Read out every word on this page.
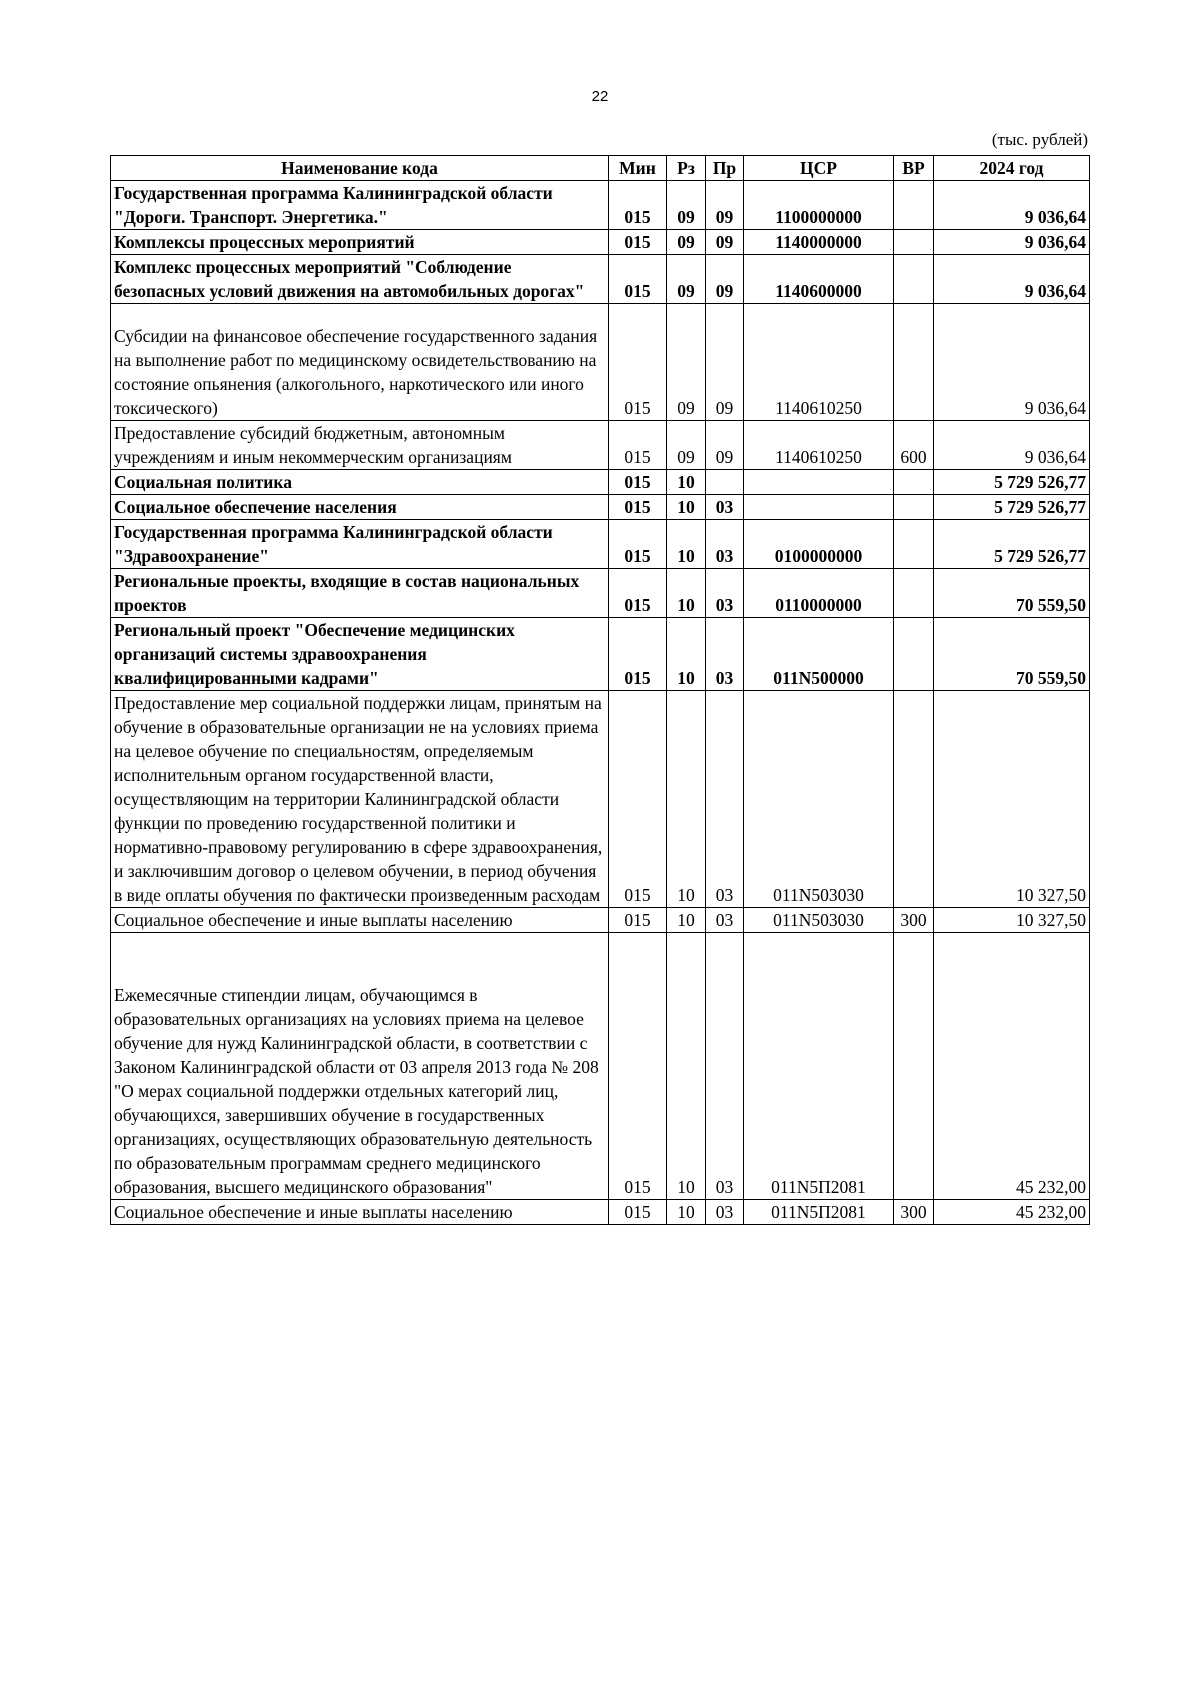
22
(тыс. рублей)
Наименование кода	Мин	Рз	Пр	ЦСР	ВР	2024 год
Государственная программа Калининградской области "Дороги. Транспорт. Энергетика."	015	09	09	1100000000		9 036,64
Комплексы процессных мероприятий	015	09	09	1140000000		9 036,64
Комплекс процессных мероприятий "Соблюдение безопасных условий движения на автомобильных дорогах"	015	09	09	1140600000		9 036,64
Субсидии на финансовое обеспечение государственного задания на выполнение работ по медицинскому освидетельствованию на состояние опьянения (алкогольного, наркотического или иного токсического)	015	09	09	1140610250		9 036,64
Предоставление субсидий бюджетным, автономным учреждениям и иным некоммерческим организациям	015	09	09	1140610250	600	9 036,64
Социальная политика	015	10				5 729 526,77
Социальное обеспечение населения	015	10	03			5 729 526,77
Государственная программа Калининградской области "Здравоохранение"	015	10	03	0100000000		5 729 526,77
Региональные проекты, входящие в состав национальных проектов	015	10	03	0110000000		70 559,50
Региональный проект "Обеспечение медицинских организаций системы здравоохранения квалифицированными кадрами"	015	10	03	011N500000		70 559,50
Предоставление мер социальной поддержки лицам, принятым на обучение в образовательные организации не на условиях приема на целевое обучение по специальностям, определяемым исполнительным органом государственной власти, осуществляющим на территории Калининградской области функции по проведению государственной политики и нормативно-правовому регулированию в сфере здравоохранения, и заключившим договор о целевом обучении, в период обучения в виде оплаты обучения по фактически произведенным расходам	015	10	03	011N503030		10 327,50
Социальное обеспечение и иные выплаты населению	015	10	03	011N503030	300	10 327,50
Ежемесячные стипендии лицам, обучающимся в образовательных организациях на условиях приема на целевое обучение для нужд Калининградской области, в соответствии с Законом Калининградской области от 03 апреля 2013 года № 208 "О мерах социальной поддержки отдельных категорий лиц, обучающихся, завершивших обучение в государственных организациях, осуществляющих образовательную деятельность по образовательным программам среднего медицинского образования, высшего медицинского образования"	015	10	03	011N5П2081		45 232,00
Социальное обеспечение и иные выплаты населению	015	10	03	011N5П2081	300	45 232,00
